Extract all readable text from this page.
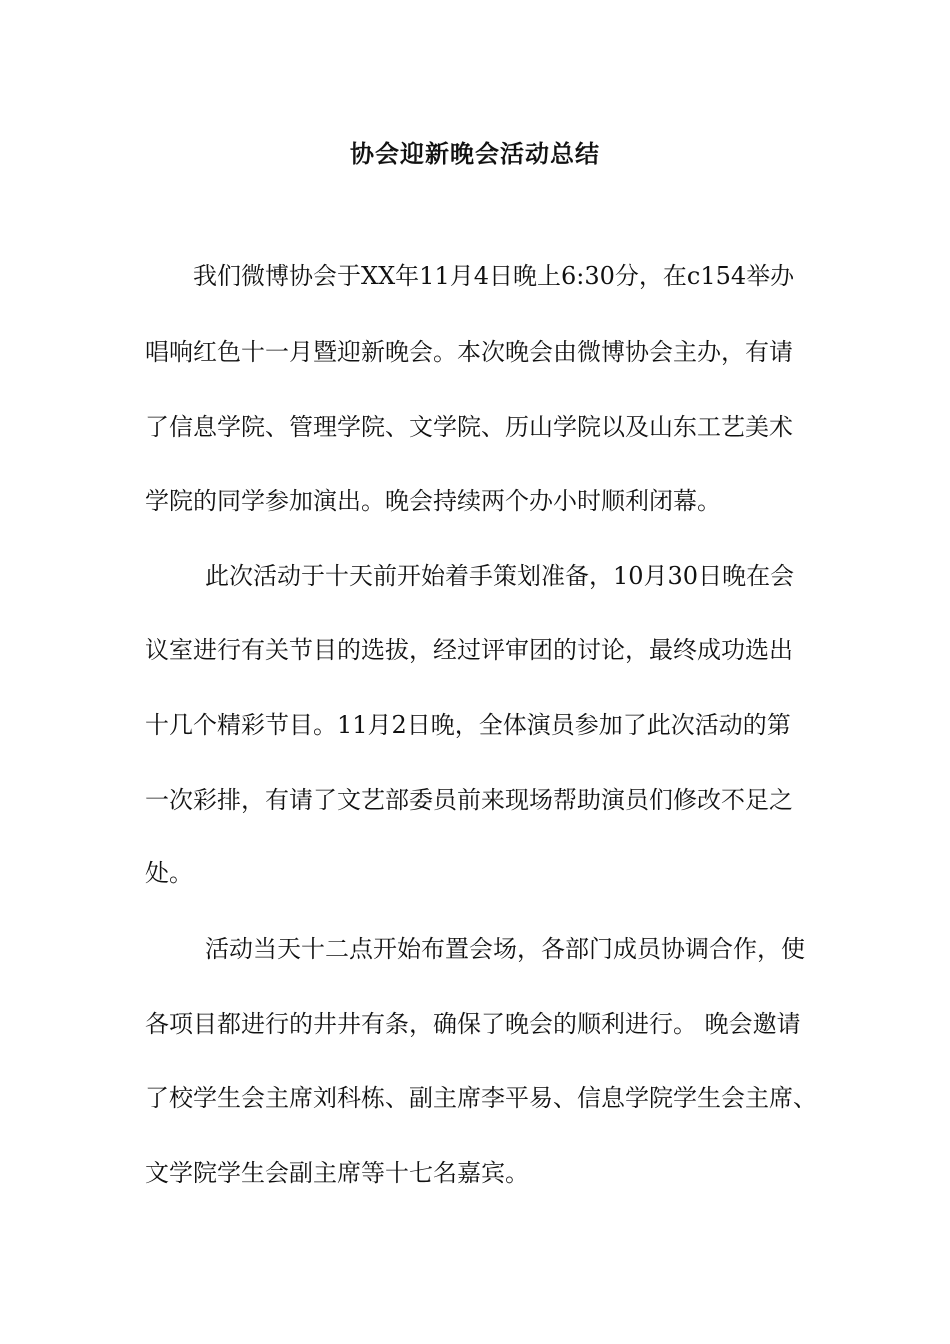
协会迎新晚会活动总结
我们微博协会于XX年11月4日晚上6:30分，在c154举办
唱响红色十一月暨迎新晚会。本次晚会由微博协会主办，有请
了信息学院、管理学院、文学院、历山学院以及山东工艺美术
学院的同学参加演出。晚会持续两个办小时顺利闭幕。
此次活动于十天前开始着手策划准备，10月30日晚在会
议室进行有关节目的选拔，经过评审团的讨论，最终成功选出
十几个精彩节目。11月2日晚，全体演员参加了此次活动的第
一次彩排，有请了文艺部委员前来现场帮助演员们修改不足之
处。
活动当天十二点开始布置会场，各部门成员协调合作，使
各项目都进行的井井有条，确保了晚会的顺利进行。 晚会邀请
了校学生会主席刘科栋、副主席李平易、信息学院学生会主席、
文学院学生会副主席等十七名嘉宾。
